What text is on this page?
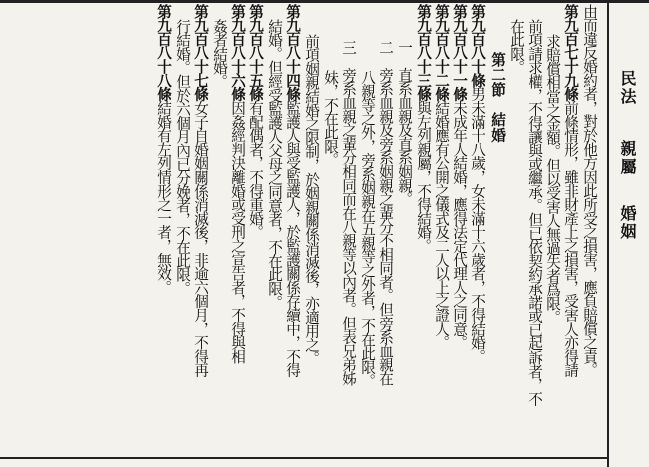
民法
親屬
婚姻
由而違反婚約者，對於他方因此所受之損害，應負賠償之責。
第九百七十九條前條情形，雖非財產上之損害，受害人亦得請
求賠償相當之金額。但以受害人無過失者爲限。
前項請求權，不得讓與或繼承。但已依契約承諾或已起訴者，不
在此限。
第二節　結婚
第九百八十條男未滿十八歲，女未滿十六歲者，不得結婚。
第九百八十一條未成年人結婚，應得法定代理人之同意。
第九百八十二條結婚應有公開之儀式及二人以上之證人。
第九百八十三條與左列親屬，不得結婚。
一　直系血親及直系姻親。
二　旁系血親及旁系姻親之輩分不相同者。但旁系血親在
八親等之外，旁系姻親在五親等之外者，不在此限。
三　旁系血親之輩分相同而在八親等以內者。但表兄弟姊
妹，不在此限。
前項姻親結婚之限制，於姻親關係消滅後，亦適用之。
第九百八十四條監護人與受監護人，於監護關係存續中，不得
結婚。但經受監護人父母之同意者，不在此限。
第九百八十五條有配偶者，不得重婚。
第九百八十六條因姦經判決離婚或受刑之宣告者，不得與相
姦者結婚。
第九百八十七條女子自婚姻關係消滅後，非逾六個月，不得再
行結婚。但於六個月內已分娩者，不在此限。
第九百八十八條結婚有左列情形之一者，無效。
